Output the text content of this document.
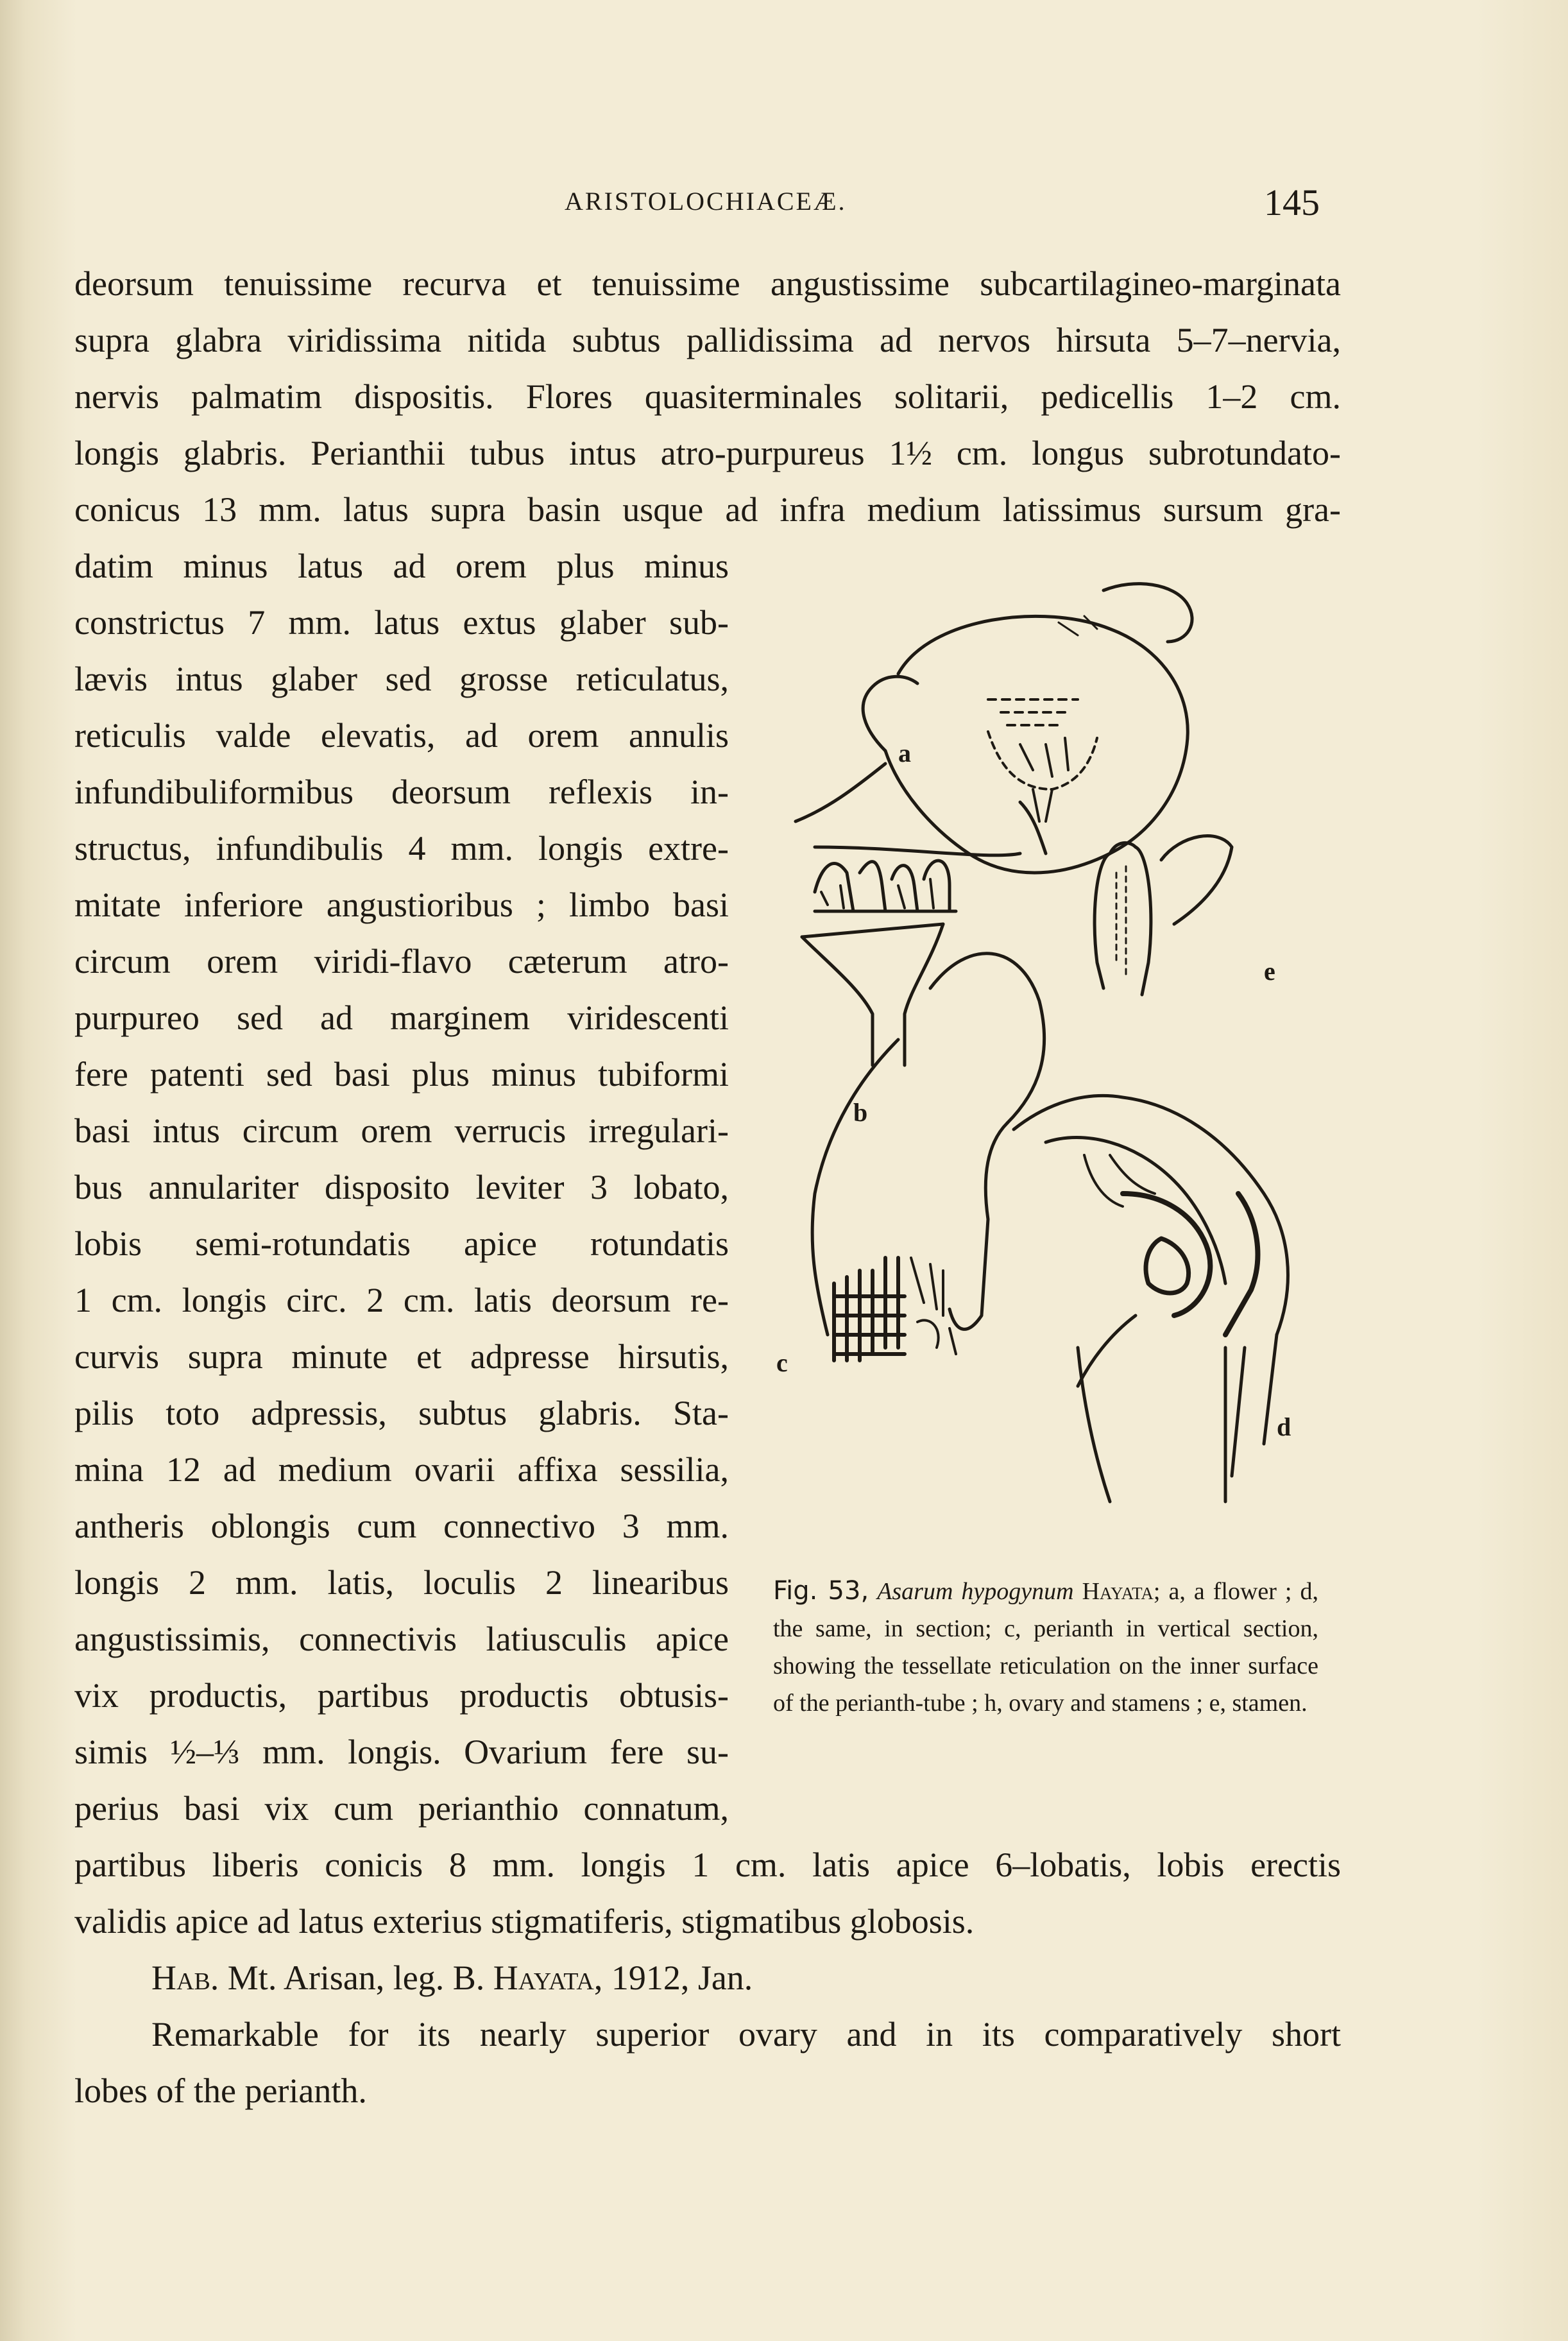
ARISTOLOCHIACEÆ.	145
deorsum tenuissime recurva et tenuissime angustissime subcartilagineo-marginata
supra glabra viridissima nitida subtus pallidissima ad nervos hirsuta 5–7–nervia,
nervis palmatim dispositis. Flores quasiterminales solitarii, pedicellis 1–2 cm.
longis glabris. Perianthii tubus intus atro-purpureus 1½ cm. longus subrotundato-
conicus 13 mm. latus supra basin usque ad infra medium latissimus sursum gra-
datim minus latus ad orem plus minus
constrictus 7 mm. latus extus glaber sub-
lævis intus glaber sed grosse reticulatus,
reticulis valde elevatis, ad orem annulis
infundibuliformibus deorsum reflexis in-
structus, infundibulis 4 mm. longis extre-
mitate inferiore angustioribus ; limbo basi
circum orem viridi-flavo cæterum atro-
purpureo sed ad marginem viridescenti
fere patenti sed basi plus minus tubiformi
basi intus circum orem verrucis irregulari-
bus annulariter disposito leviter 3 lobato,
lobis semi-rotundatis apice rotundatis
1 cm. longis circ. 2 cm. latis deorsum re-
curvis supra minute et adpresse hirsutis,
pilis toto adpressis, subtus glabris. Sta-
mina 12 ad medium ovarii affixa sessilia,
antheris oblongis cum connectivo 3 mm.
longis 2 mm. latis, loculis 2 linearibus
angustissimis, connectivis latiusculis apice
vix productis, partibus productis obtusis-
simis ½–⅓ mm. longis. Ovarium fere su-
perius basi vix cum perianthio connatum,
partibus liberis conicis 8 mm. longis 1 cm. latis apice 6–lobatis, lobis erectis
validis apice ad latus exterius stigmatiferis, stigmatibus globosis.
Hab. Mt. Arisan, leg. B. Hayata, 1912, Jan.
Remarkable for its nearly superior ovary and in its comparatively short
lobes of the perianth.
a
e
b
c
d
Fig. 53, Asarum hypogynum Hayata; a, a flower ; d, the same, in section; c, perianth in vertical section, showing the tessellate reticulation on the inner surface of the perianth-tube ; h, ovary and stamens ; e, stamen.
